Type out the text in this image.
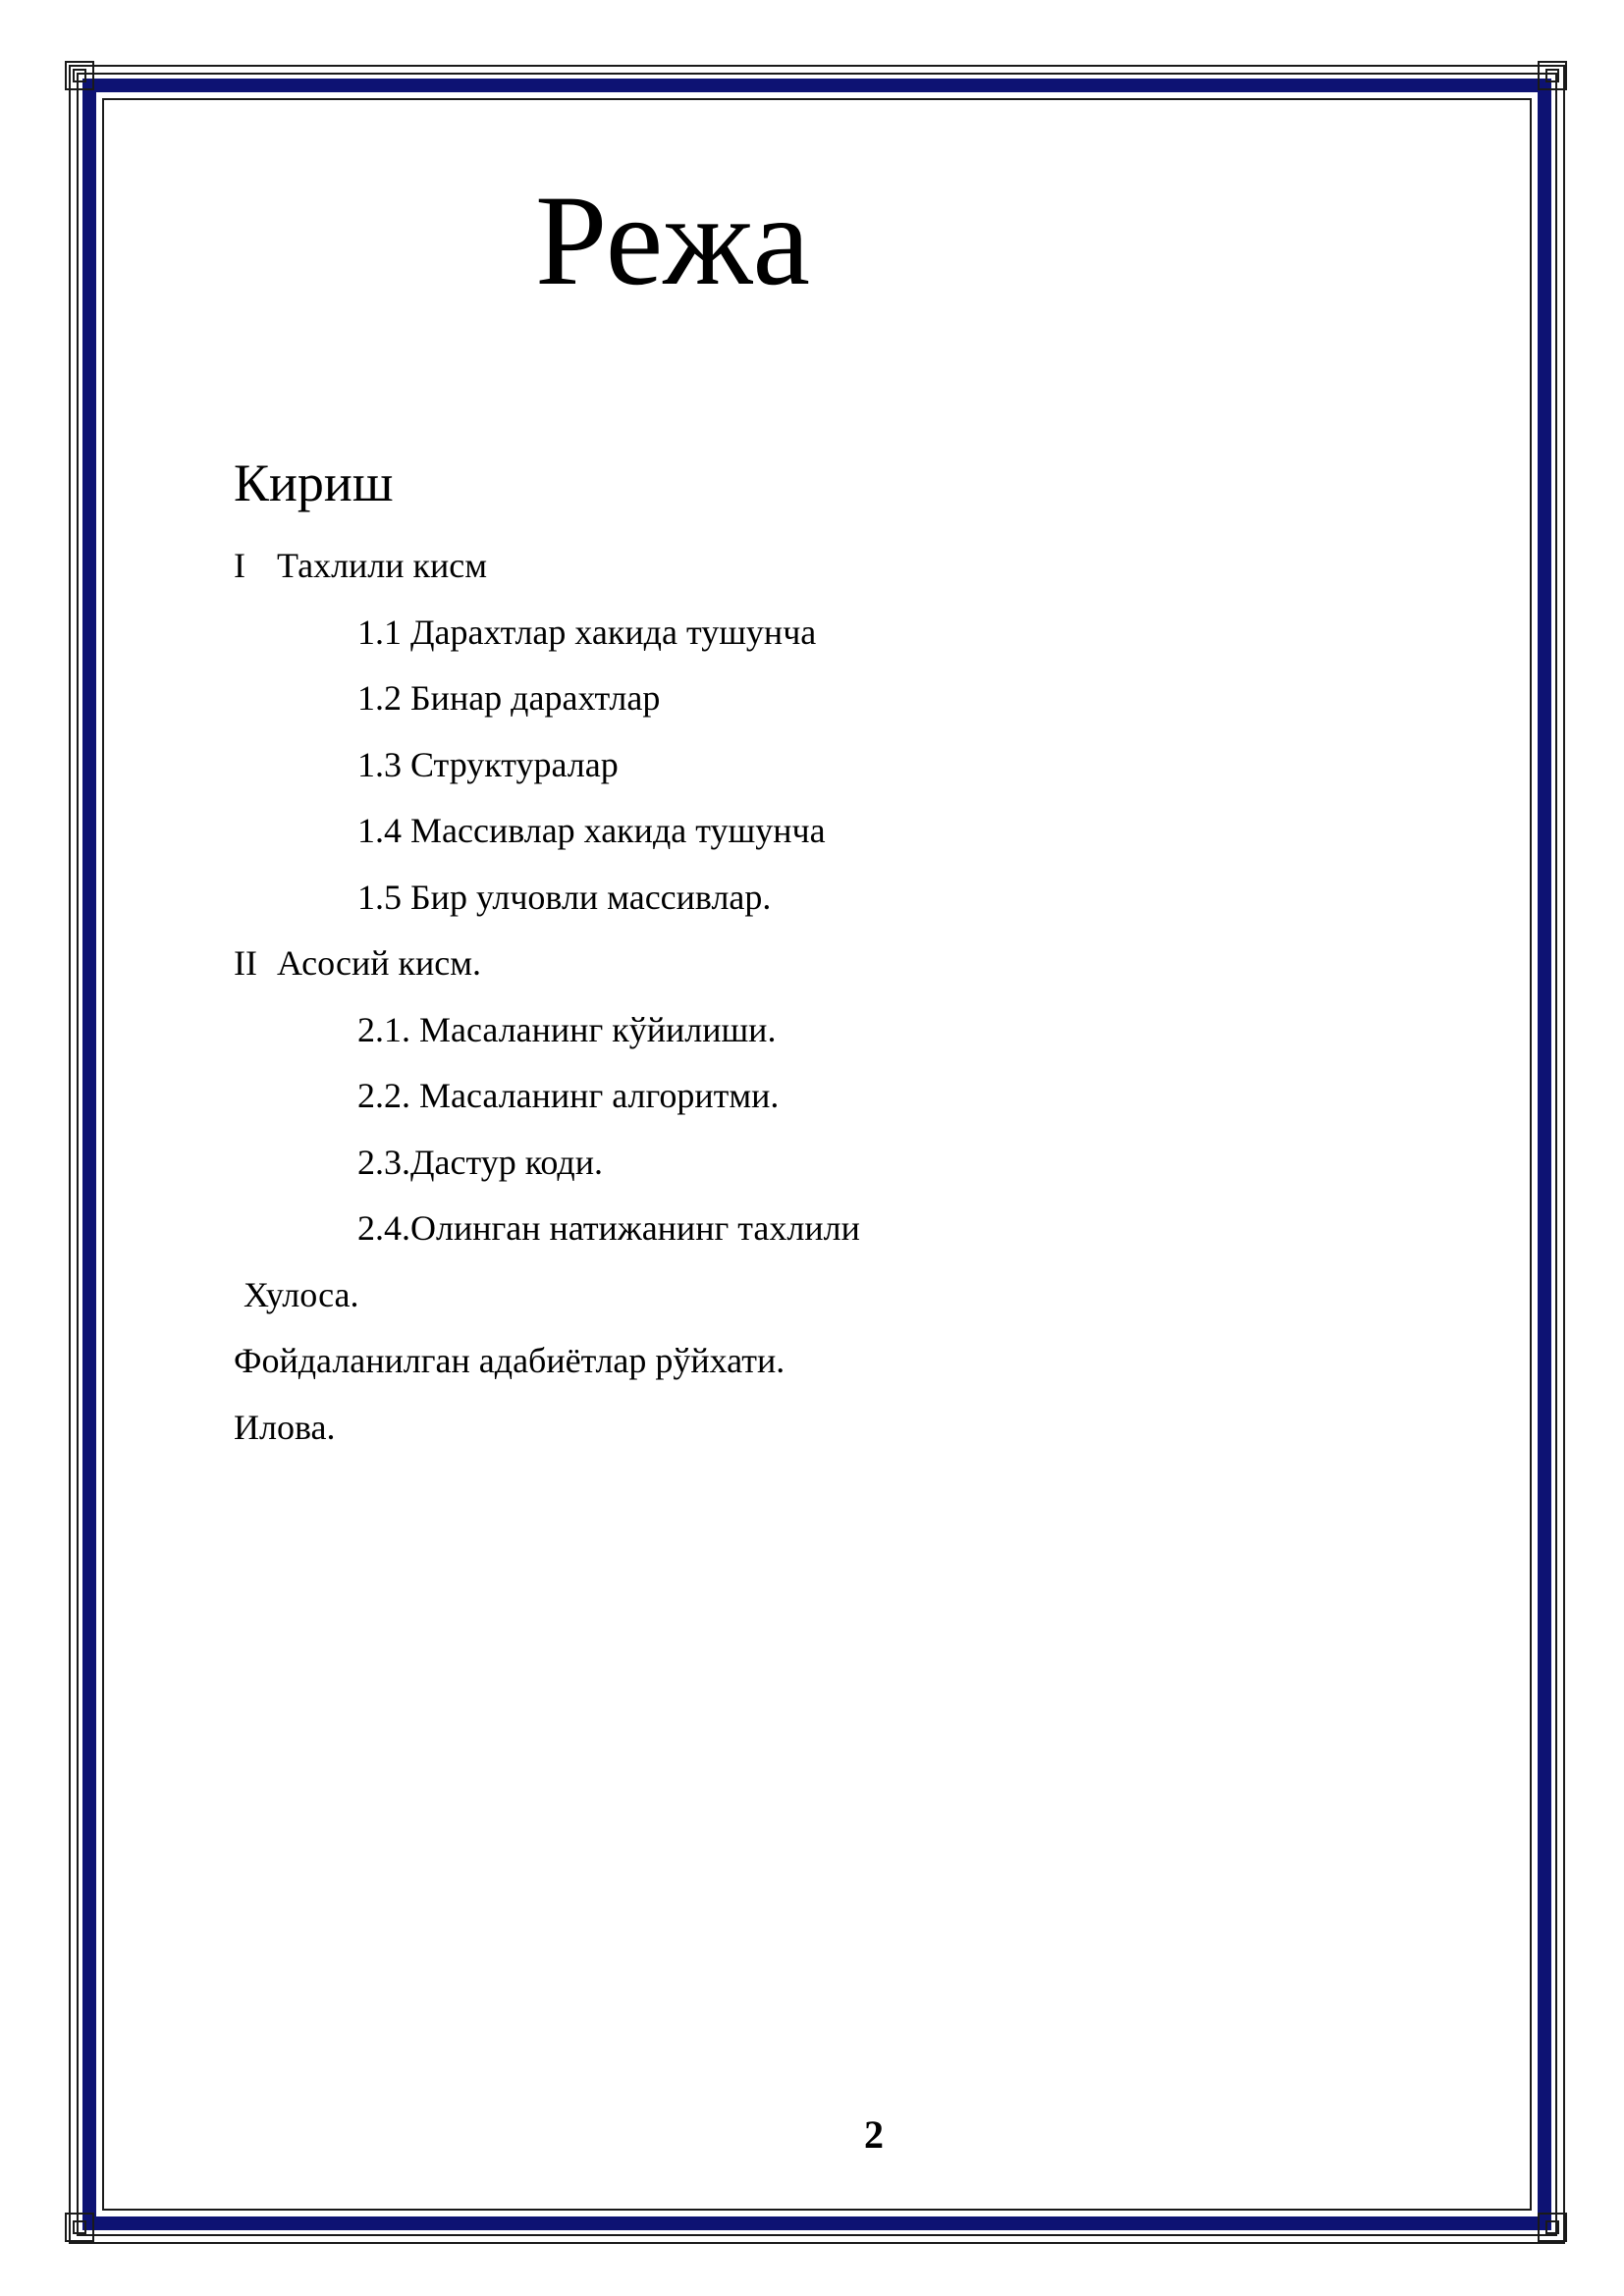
Режа
Кириш
I Тахлили кисм
1.1 Дарахтлар хакида тушунча
1.2 Бинар дарахтлар
1.3 Структуралар
1.4 Массивлар хакида тушунча
1.5 Бир улчовли массивлар.
II Асосий кисм.
2.1. Масаланинг кўйилиши.
2.2. Масаланинг алгоритми.
2.3.Дастур коди.
2.4.Олинган натижанинг тахлили
Хулоса.
Фойдаланилган адабиётлар рўйхати.
Илова.
2
